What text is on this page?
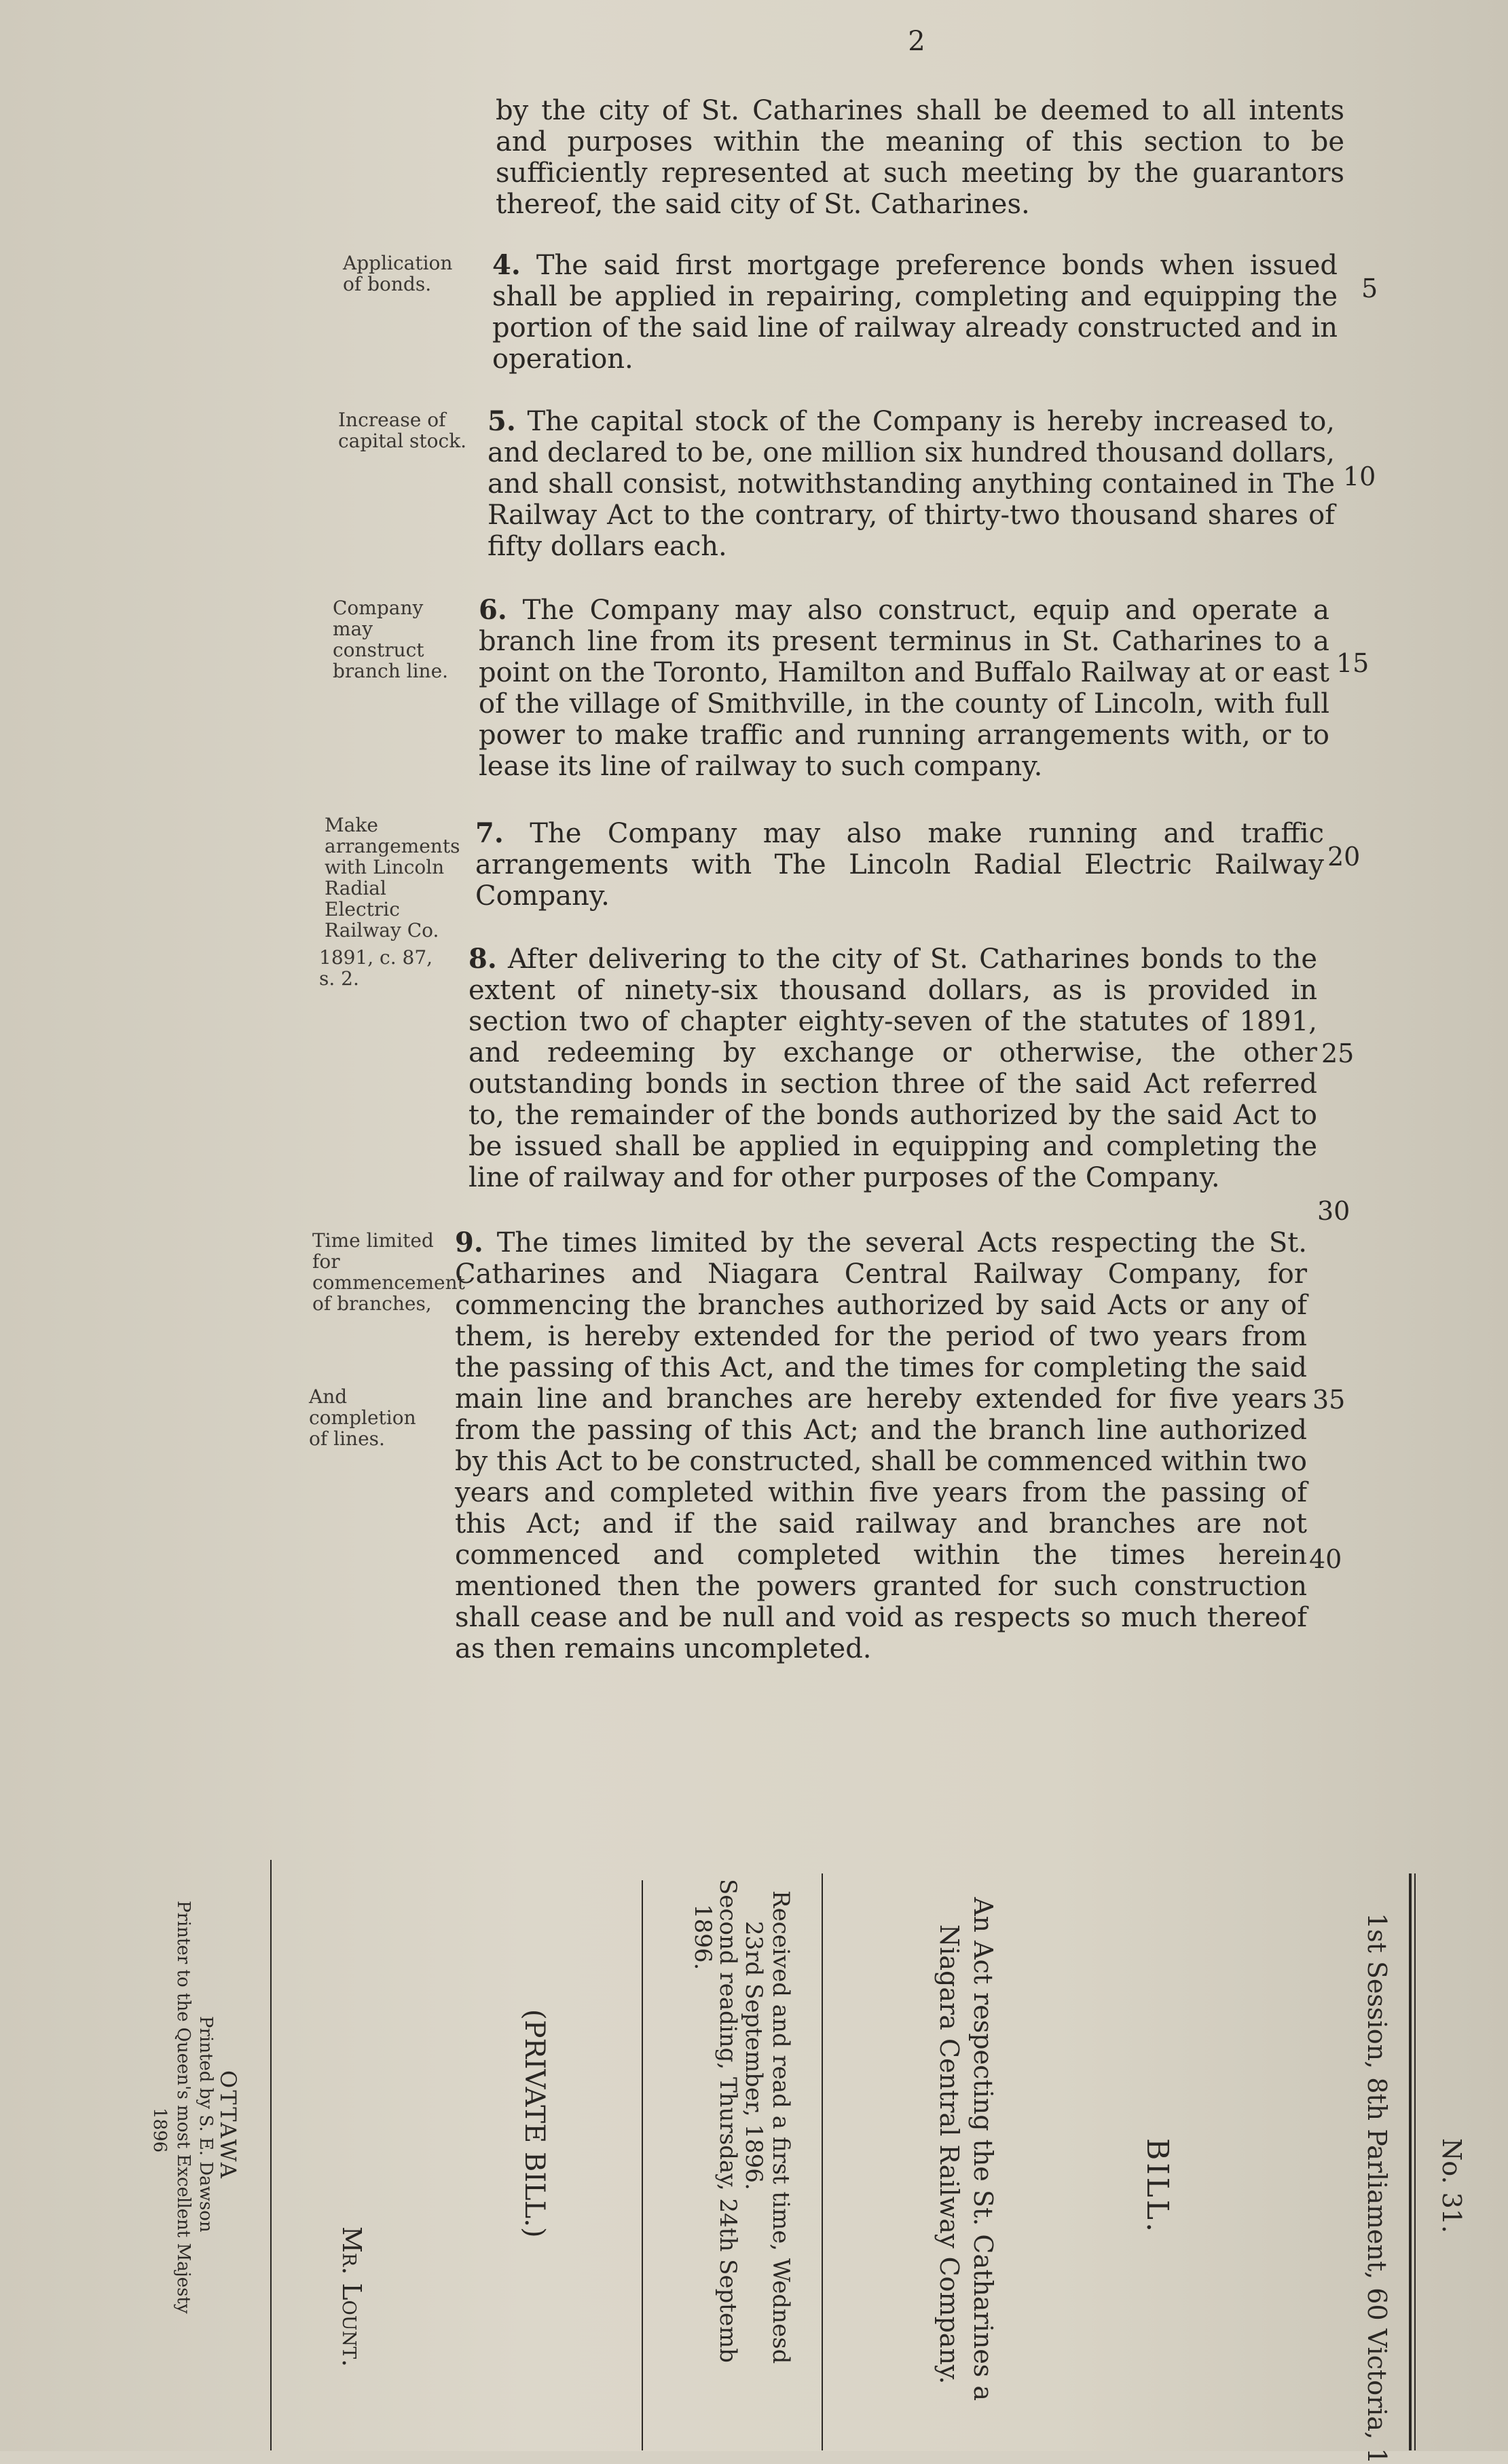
2
by the city of St. Catharines shall be deemed to all intents and purposes within the meaning of this section to be sufficiently represented at such meeting by the guarantors thereof, the said city of St. Catharines.
Application of bonds.
4. The said first mortgage preference bonds when issued shall be applied in repairing, completing and equipping the portion of the said line of railway already constructed and in operation.
Increase of capital stock.
5. The capital stock of the Company is hereby increased to, and declared to be, one million six hundred thousand dollars, and shall consist, notwithstanding anything contained in The Railway Act to the contrary, of thirty-two thousand shares of fifty dollars each.
Company may construct branch line.
6. The Company may also construct, equip and operate a branch line from its present terminus in St. Catharines to a point on the Toronto, Hamilton and Buffalo Railway at or east of the village of Smithville, in the county of Lincoln, with full power to make traffic and running arrangements with, or to lease its line of railway to such company.
Make arrangements with Lincoln Radial Electric Railway Co.
7. The Company may also make running and traffic arrangements with The Lincoln Radial Electric Railway Company.
1891, c. 87, s. 2.
8. After delivering to the city of St. Catharines bonds to the extent of ninety-six thousand dollars, as is provided in section two of chapter eighty-seven of the statutes of 1891, and redeeming by exchange or otherwise, the other outstanding bonds in section three of the said Act referred to, the remainder of the bonds authorized by the said Act to be issued shall be applied in equipping and completing the line of railway and for other purposes of the Company.
Time limited for commencement of branches,
And completion of lines.
9. The times limited by the several Acts respecting the St. Catharines and Niagara Central Railway Company, for commencing the branches authorized by said Acts or any of them, is hereby extended for the period of two years from the passing of this Act, and the times for completing the said main line and branches are hereby extended for five years from the passing of this Act; and the branch line authorized by this Act to be constructed, shall be commenced within two years and completed within five years from the passing of this Act; and if the said railway and branches are not commenced and completed within the times herein mentioned then the powers granted for such construction shall cease and be null and void as respects so much thereof as then remains uncompleted.
5
10
15
20
25
30
35
40
No. 31.
1st Session, 8th Parliament, 60 Victoria, 1
BILL.
An Act respecting the St. Catharines a
Niagara Central Railway Company.
Received and read a first time, Wednesd
23rd September, 1896.
Second reading, Thursday, 24th Septemb
1896.
(PRIVATE BILL.)
Mr. Lount.
OTTAWA
Printed by S. E. Dawson
Printer to the Queen's most Excellent Majesty
1896
